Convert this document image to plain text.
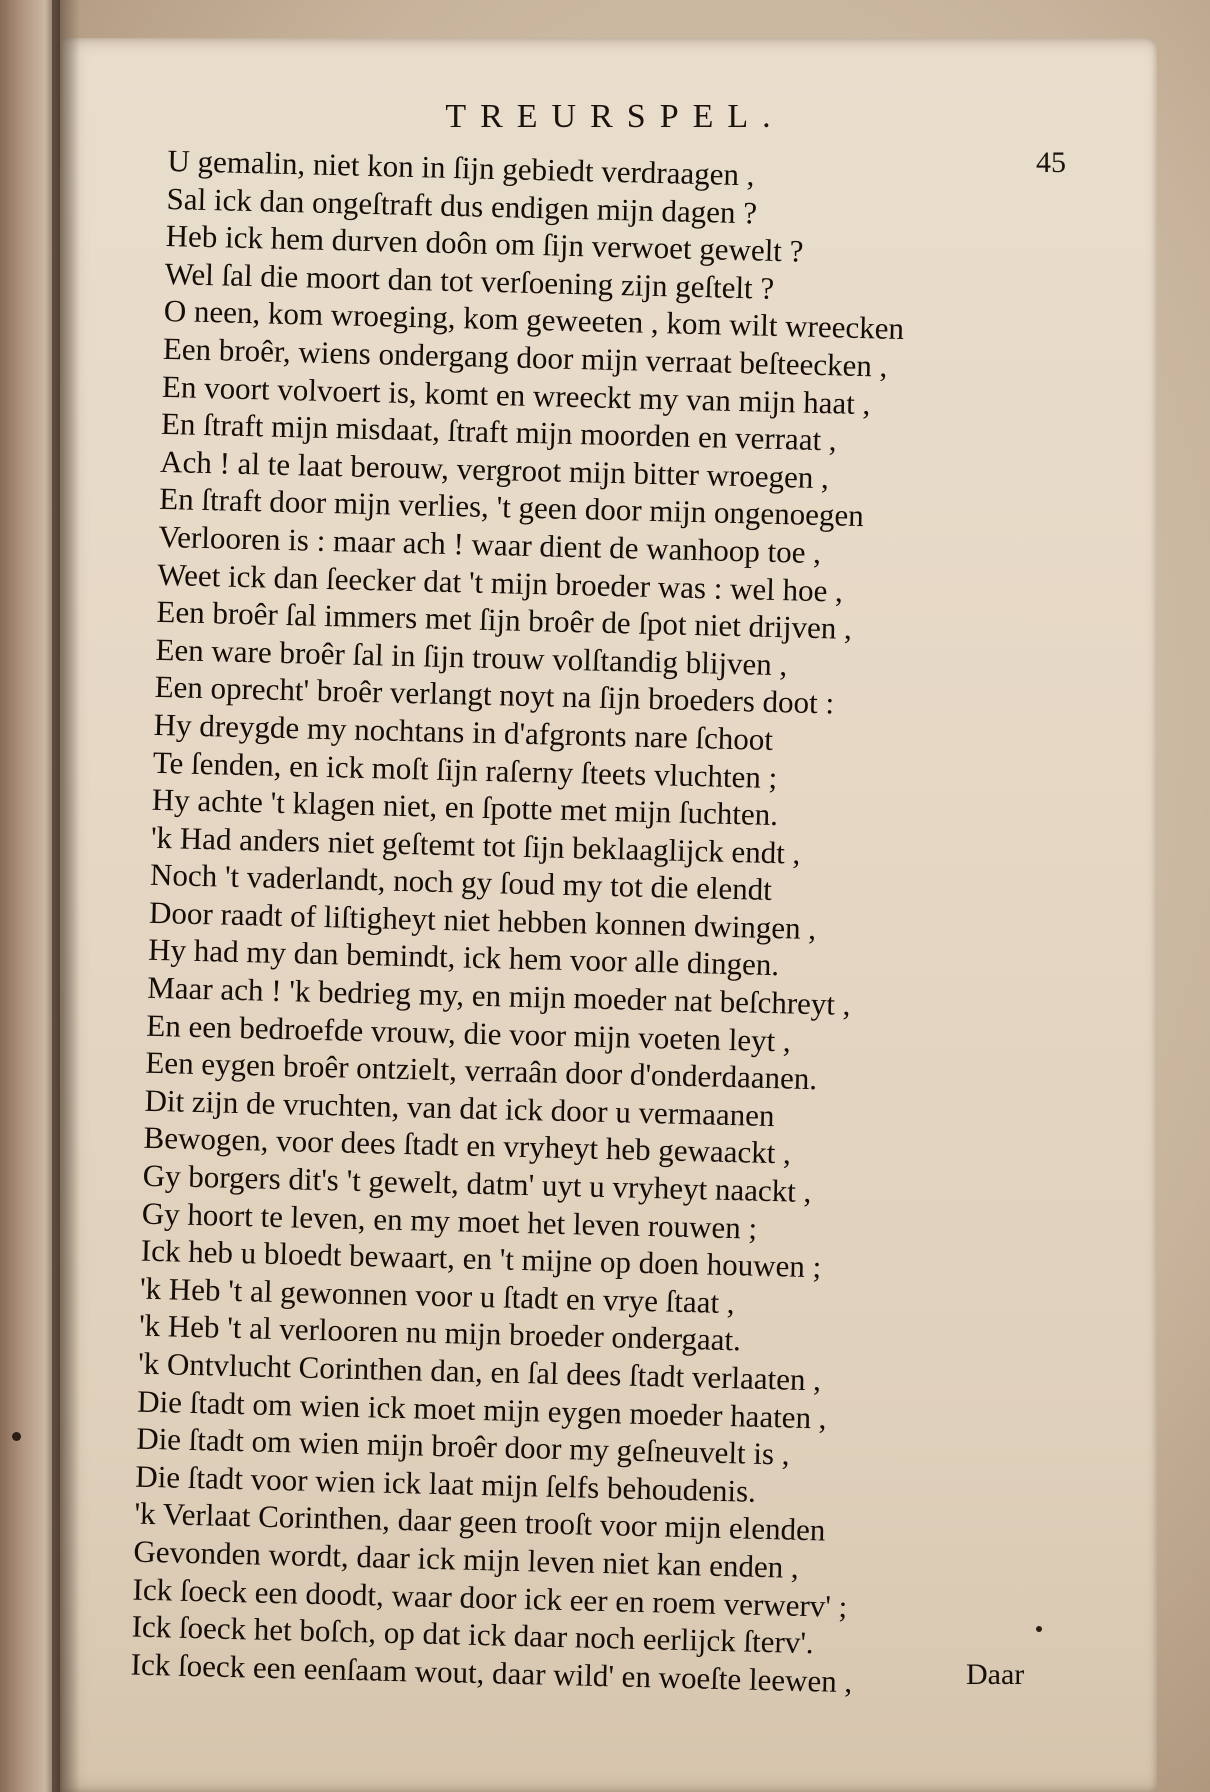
TREURSPEL.
45
U gemalin, niet kon in ſijn gebiedt verdraagen ,
Sal ick dan ongeſtraft dus endigen mijn dagen ?
Heb ick hem durven doôn om ſijn verwoet gewelt ?
Wel ſal die moort dan tot verſoening zijn geſtelt ?
O neen, kom wroeging, kom geweeten , kom wilt wreecken
Een broêr, wiens ondergang door mijn verraat beſteecken ,
En voort volvoert is, komt en wreeckt my van mijn haat ,
En ſtraft mijn misdaat, ſtraft mijn moorden en verraat ,
Ach ! al te laat berouw, vergroot mijn bitter wroegen ,
En ſtraft door mijn verlies, 't geen door mijn ongenoegen
Verlooren is : maar ach ! waar dient de wanhoop toe ,
Weet ick dan ſeecker dat 't mijn broeder was : wel hoe ,
Een broêr ſal immers met ſijn broêr de ſpot niet drijven ,
Een ware broêr ſal in ſijn trouw volſtandig blijven ,
Een oprecht' broêr verlangt noyt na ſijn broeders doot :
Hy dreygde my nochtans in d'afgronts nare ſchoot
Te ſenden, en ick moſt ſijn raſerny ſteets vluchten ;
Hy achte 't klagen niet, en ſpotte met mijn ſuchten.
'k Had anders niet geſtemt tot ſijn beklaaglijck endt ,
Noch 't vaderlandt, noch gy ſoud my tot die elendt
Door raadt of liſtigheyt niet hebben konnen dwingen ,
Hy had my dan bemindt, ick hem voor alle dingen.
Maar ach ! 'k bedrieg my, en mijn moeder nat beſchreyt ,
En een bedroefde vrouw, die voor mijn voeten leyt ,
Een eygen broêr ontzielt, verraân door d'onderdaanen.
Dit zijn de vruchten, van dat ick door u vermaanen
Bewogen, voor dees ſtadt en vryheyt heb gewaackt ,
Gy borgers dit's 't gewelt, datm' uyt u vryheyt naackt ,
Gy hoort te leven, en my moet het leven rouwen ;
Ick heb u bloedt bewaart, en 't mijne op doen houwen ;
'k Heb 't al gewonnen voor u ſtadt en vrye ſtaat ,
'k Heb 't al verlooren nu mijn broeder ondergaat.
'k Ontvlucht Corinthen dan, en ſal dees ſtadt verlaaten ,
Die ſtadt om wien ick moet mijn eygen moeder haaten ,
Die ſtadt om wien mijn broêr door my geſneuvelt is ,
Die ſtadt voor wien ick laat mijn ſelfs behoudenis.
'k Verlaat Corinthen, daar geen trooſt voor mijn elenden
Gevonden wordt, daar ick mijn leven niet kan enden ,
Ick ſoeck een doodt, waar door ick eer en roem verwerv' ;
Ick ſoeck het boſch, op dat ick daar noch eerlijck ſterv'.
Ick ſoeck een eenſaam wout, daar wild' en woeſte leewen ,	Daar
